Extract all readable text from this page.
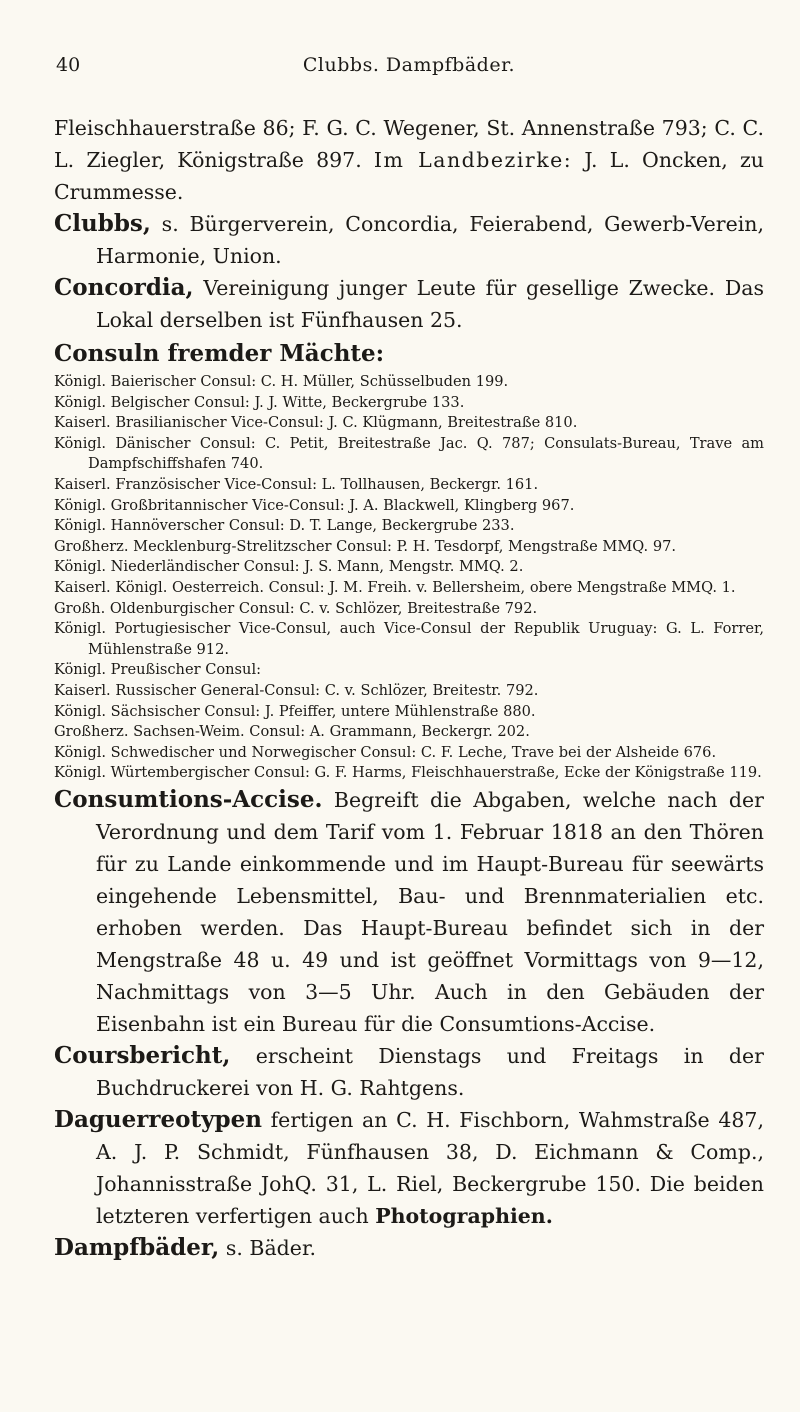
40	Clubbs. Dampfbäder.

Fleischhauerstraße 86; F. G. C. Wegener, St. Annenstraße 793; C. C. L. Ziegler, Königstraße 897. Im Landbezirke: J. L. Oncken, zu Crummesse.

Clubbs, s. Bürgerverein, Concordia, Feierabend, Gewerb-Verein, Harmonie, Union.

Concordia, Vereinigung junger Leute für gesellige Zwecke. Das Lokal derselben ist Fünfhausen 25.

Consuln fremder Mächte:

Königl. Baierischer Consul: C. H. Müller, Schüsselbuden 199.

Königl. Belgischer Consul: J. J. Witte, Beckergrube 133.

Kaiserl. Brasilianischer Vice-Consul: J. C. Klügmann, Breitestraße 810.

Königl. Dänischer Consul: C. Petit, Breitestraße Jac. Q. 787; Consulats-Bureau, Trave am Dampfschiffshafen 740.

Kaiserl. Französischer Vice-Consul: L. Tollhausen, Beckergr. 161.

Königl. Großbritannischer Vice-Consul: J. A. Blackwell, Klingberg 967.

Königl. Hannöverscher Consul: D. T. Lange, Beckergrube 233.

Großherz. Mecklenburg-Strelitzscher Consul: P. H. Tesdorpf, Mengstraße MMQ. 97.

Königl. Niederländischer Consul: J. S. Mann, Mengstr. MMQ. 2.

Kaiserl. Königl. Oesterreich. Consul: J. M. Freih. v. Bellersheim, obere Mengstraße MMQ. 1.

Großh. Oldenburgischer Consul: C. v. Schlözer, Breitestraße 792.

Königl. Portugiesischer Vice-Consul, auch Vice-Consul der Republik Uruguay: G. L. Forrer, Mühlenstraße 912.

Königl. Preußischer Consul:

Kaiserl. Russischer General-Consul: C. v. Schlözer, Breitestr. 792.

Königl. Sächsischer Consul: J. Pfeiffer, untere Mühlenstraße 880.

Großherz. Sachsen-Weim. Consul: A. Grammann, Beckergr. 202.

Königl. Schwedischer und Norwegischer Consul: C. F. Leche, Trave bei der Alsheide 676.

Königl. Würtembergischer Consul: G. F. Harms, Fleischhauerstraße, Ecke der Königstraße 119.

Consumtions-Accise. Begreift die Abgaben, welche nach der Verordnung und dem Tarif vom 1. Februar 1818 an den Thören für zu Lande einkommende und im Haupt-Bureau für seewärts eingehende Lebensmittel, Bau- und Brennmaterialien etc. erhoben werden. Das Haupt-Bureau befindet sich in der Mengstraße 48 u. 49 und ist geöffnet Vormittags von 9—12, Nachmittags von 3—5 Uhr. Auch in den Gebäuden der Eisenbahn ist ein Bureau für die Consumtions-Accise.

Coursbericht, erscheint Dienstags und Freitags in der Buchdruckerei von H. G. Rahtgens.

Daguerreotypen fertigen an C. H. Fischborn, Wahmstraße 487, A. J. P. Schmidt, Fünfhausen 38, D. Eichmann & Comp., Johannisstraße JohQ. 31, L. Riel, Beckergrube 150. Die beiden letzteren verfertigen auch Photographien.

Dampfbäder, s. Bäder.
